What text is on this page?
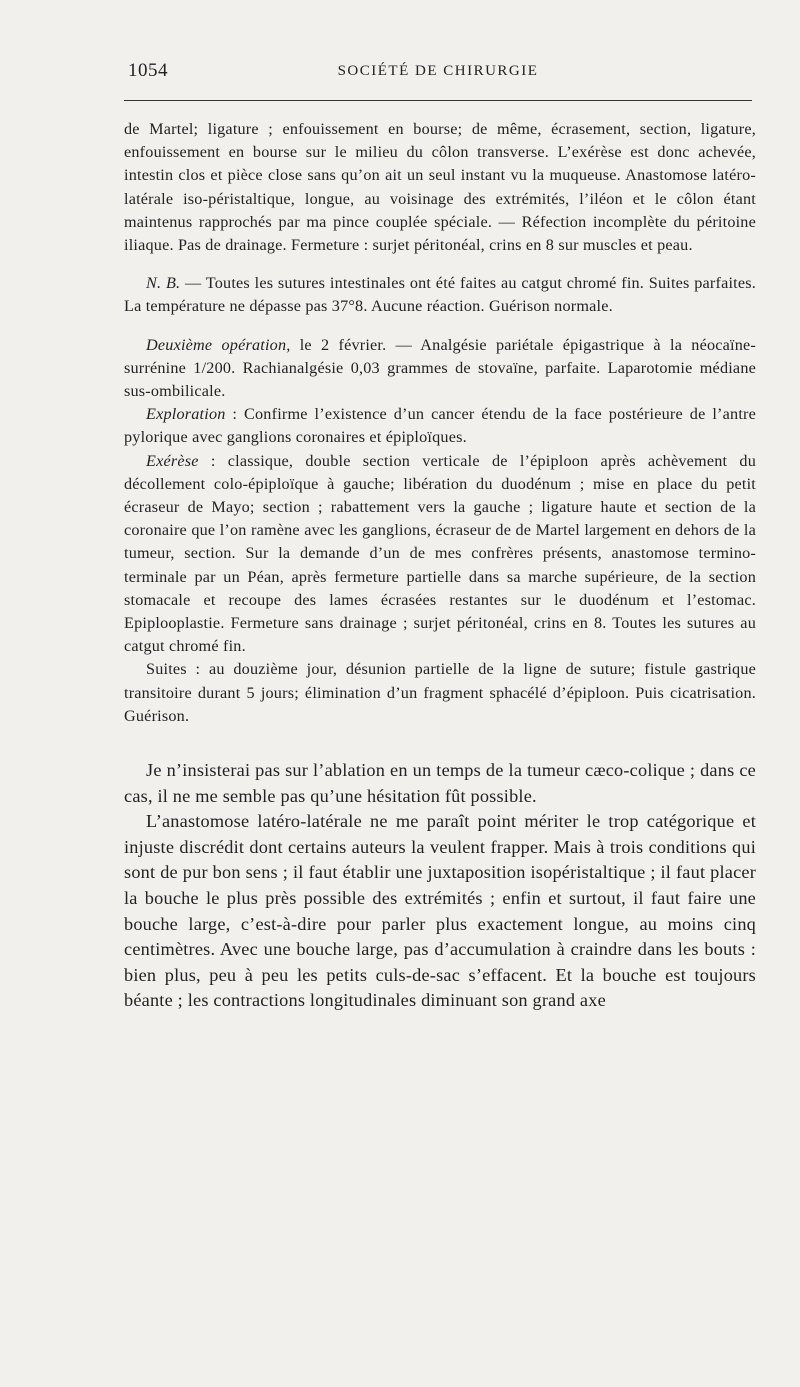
1054	SOCIÉTÉ DE CHIRURGIE

de Martel; ligature ; enfouissement en bourse; de même, écrasement, section, ligature, enfouissement en bourse sur le milieu du côlon transverse. L’exérèse est donc achevée, intestin clos et pièce close sans qu’on ait un seul instant vu la muqueuse. Anastomose latéro-latérale iso-péristaltique, longue, au voisinage des extrémités, l’iléon et le côlon étant maintenus rapprochés par ma pince couplée spéciale. — Réfection incomplète du péritoine iliaque. Pas de drainage. Fermeture : surjet péritonéal, crins en 8 sur muscles et peau.

N. B. — Toutes les sutures intestinales ont été faites au catgut chromé fin. Suites parfaites. La température ne dépasse pas 37°8. Aucune réaction. Guérison normale.

Deuxième opération, le 2 février. — Analgésie pariétale épigastrique à la néocaïne-surrénine 1/200. Rachianalgésie 0,03 grammes de stovaïne, parfaite. Laparotomie médiane sus-ombilicale.

Exploration : Confirme l’existence d’un cancer étendu de la face postérieure de l’antre pylorique avec ganglions coronaires et épiploïques.

Exérèse : classique, double section verticale de l’épiploon après achèvement du décollement colo-épiploïque à gauche; libération du duodénum ; mise en place du petit écraseur de Mayo; section ; rabattement vers la gauche ; ligature haute et section de la coronaire que l’on ramène avec les ganglions, écraseur de de Martel largement en dehors de la tumeur, section. Sur la demande d’un de mes confrères présents, anastomose termino-terminale par un Péan, après fermeture partielle dans sa marche supérieure, de la section stomacale et recoupe des lames écrasées restantes sur le duodénum et l’estomac. Epiplooplastie. Fermeture sans drainage ; surjet péritonéal, crins en 8. Toutes les sutures au catgut chromé fin.

Suites : au douzième jour, désunion partielle de la ligne de suture; fistule gastrique transitoire durant 5 jours; élimination d’un fragment sphacélé d’épiploon. Puis cicatrisation. Guérison.

Je n’insisterai pas sur l’ablation en un temps de la tumeur cæco-colique ; dans ce cas, il ne me semble pas qu’une hésitation fût possible.

L’anastomose latéro-latérale ne me paraît point mériter le trop catégorique et injuste discrédit dont certains auteurs la veulent frapper. Mais à trois conditions qui sont de pur bon sens ; il faut établir une juxtaposition isopéristaltique ; il faut placer la bouche le plus près possible des extrémités ; enfin et surtout, il faut faire une bouche large, c’est-à-dire pour parler plus exactement longue, au moins cinq centimètres. Avec une bouche large, pas d’accumulation à craindre dans les bouts : bien plus, peu à peu les petits culs-de-sac s’effacent. Et la bouche est toujours béante ; les contractions longitudinales diminuant son grand axe
